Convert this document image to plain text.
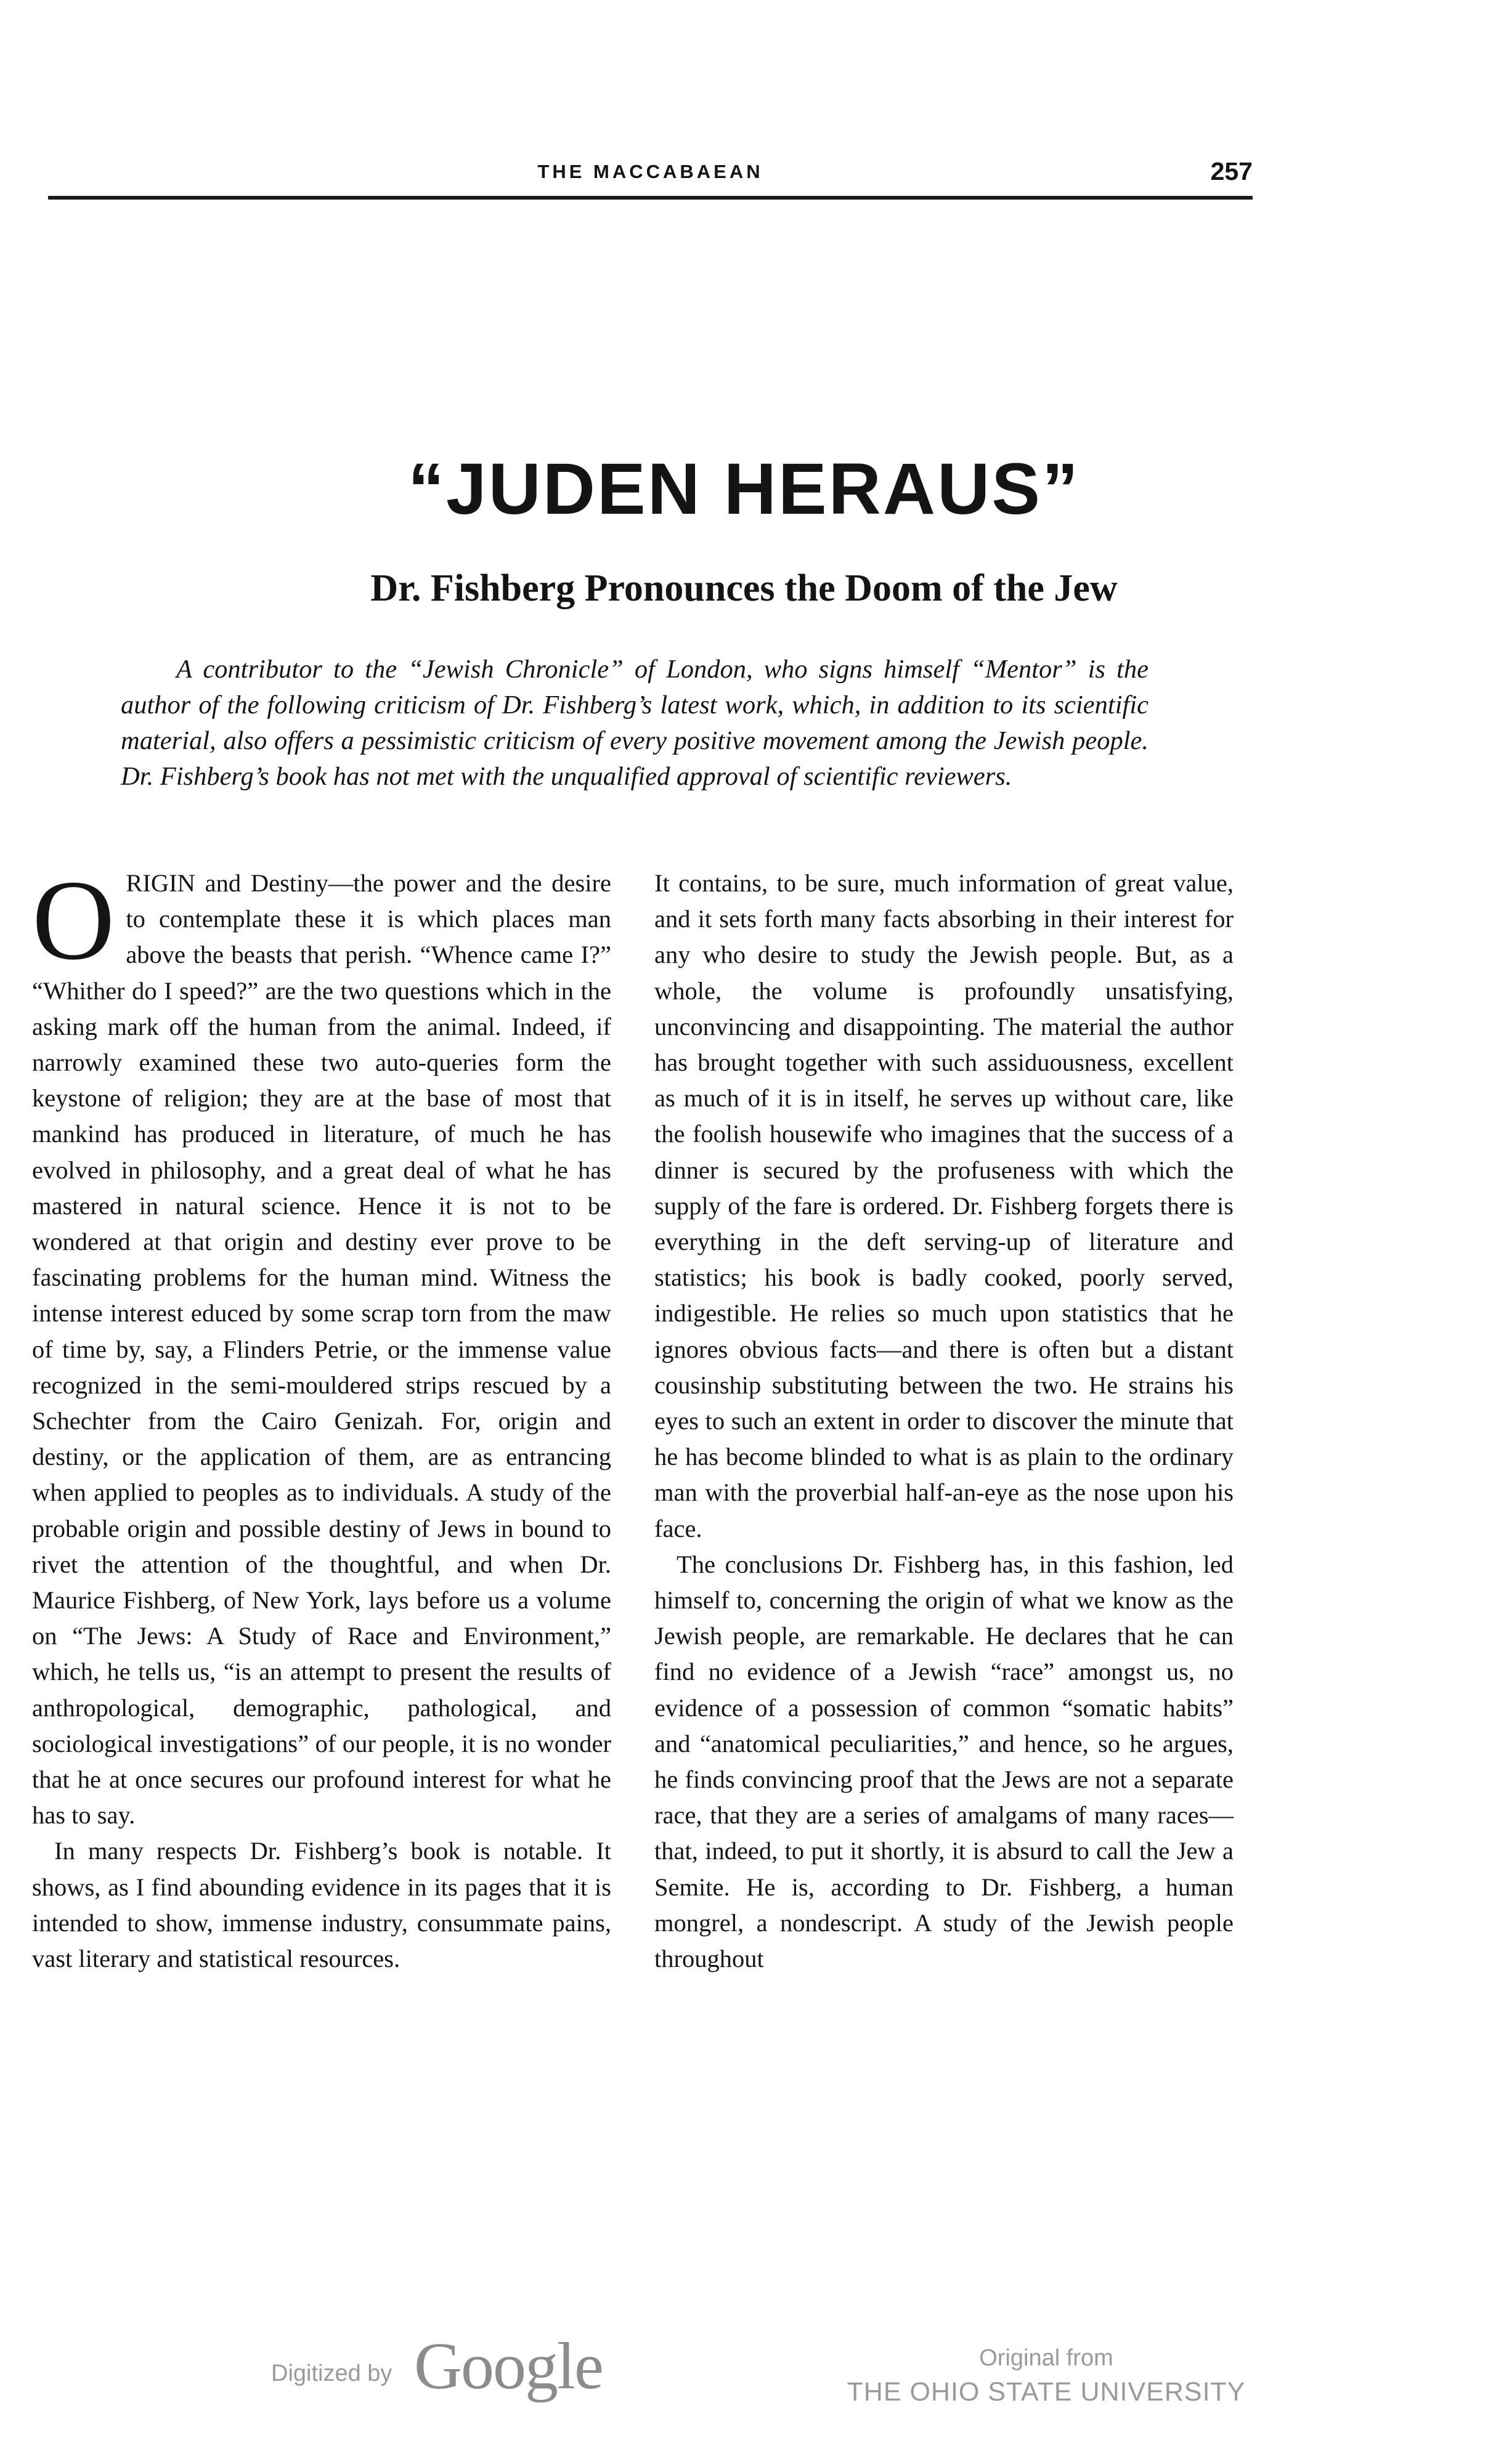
THE MACCABAEAN	257
“JUDEN HERAUS”
Dr. Fishberg Pronounces the Doom of the Jew

A contributor to the “Jewish Chronicle” of London, who signs himself “Mentor” is the author of the following criticism of Dr. Fishberg’s latest work, which, in addition to its scientific material, also offers a pessimistic criticism of every positive movement among the Jewish people. Dr. Fishberg’s book has not met with the unqualified approval of scientific reviewers.

ORIGIN and Destiny—the power and the desire to contemplate these it is which places man above the beasts that perish. “Whence came I?” “Whither do I speed?” are the two questions which in the asking mark off the human from the animal. Indeed, if narrowly examined these two auto-queries form the keystone of religion; they are at the base of most that mankind has produced in literature, of much he has evolved in philosophy, and a great deal of what he has mastered in natural science. Hence it is not to be wondered at that origin and destiny ever prove to be fascinating problems for the human mind. Witness the intense interest educed by some scrap torn from the maw of time by, say, a Flinders Petrie, or the immense value recognized in the semi-mouldered strips rescued by a Schechter from the Cairo Genizah. For, origin and destiny, or the application of them, are as entrancing when applied to peoples as to individuals. A study of the probable origin and possible destiny of Jews in bound to rivet the attention of the thoughtful, and when Dr. Maurice Fishberg, of New York, lays before us a volume on “The Jews: A Study of Race and Environment,” which, he tells us, “is an attempt to present the results of anthropological, demographic, pathological, and sociological investigations” of our people, it is no wonder that he at once secures our profound interest for what he has to say.

In many respects Dr. Fishberg’s book is notable. It shows, as I find abounding evidence in its pages that it is intended to show, immense industry, consummate pains, vast literary and statistical resources.

It contains, to be sure, much information of great value, and it sets forth many facts absorbing in their interest for any who desire to study the Jewish people. But, as a whole, the volume is profoundly unsatisfying, unconvincing and disappointing. The material the author has brought together with such assiduousness, excellent as much of it is in itself, he serves up without care, like the foolish housewife who imagines that the success of a dinner is secured by the profuseness with which the supply of the fare is ordered. Dr. Fishberg forgets there is everything in the deft serving-up of literature and statistics; his book is badly cooked, poorly served, indigestible. He relies so much upon statistics that he ignores obvious facts—and there is often but a distant cousinship substituting between the two. He strains his eyes to such an extent in order to discover the minute that he has become blinded to what is as plain to the ordinary man with the proverbial half-an-eye as the nose upon his face.

The conclusions Dr. Fishberg has, in this fashion, led himself to, concerning the origin of what we know as the Jewish people, are remarkable. He declares that he can find no evidence of a Jewish “race” amongst us, no evidence of a possession of common “somatic habits” and “anatomical peculiarities,” and hence, so he argues, he finds convincing proof that the Jews are not a separate race, that they are a series of amalgams of many races—that, indeed, to put it shortly, it is absurd to call the Jew a Semite. He is, according to Dr. Fishberg, a human mongrel, a nondescript. A study of the Jewish people throughout

Digitized by Google	Original from
THE OHIO STATE UNIVERSITY
